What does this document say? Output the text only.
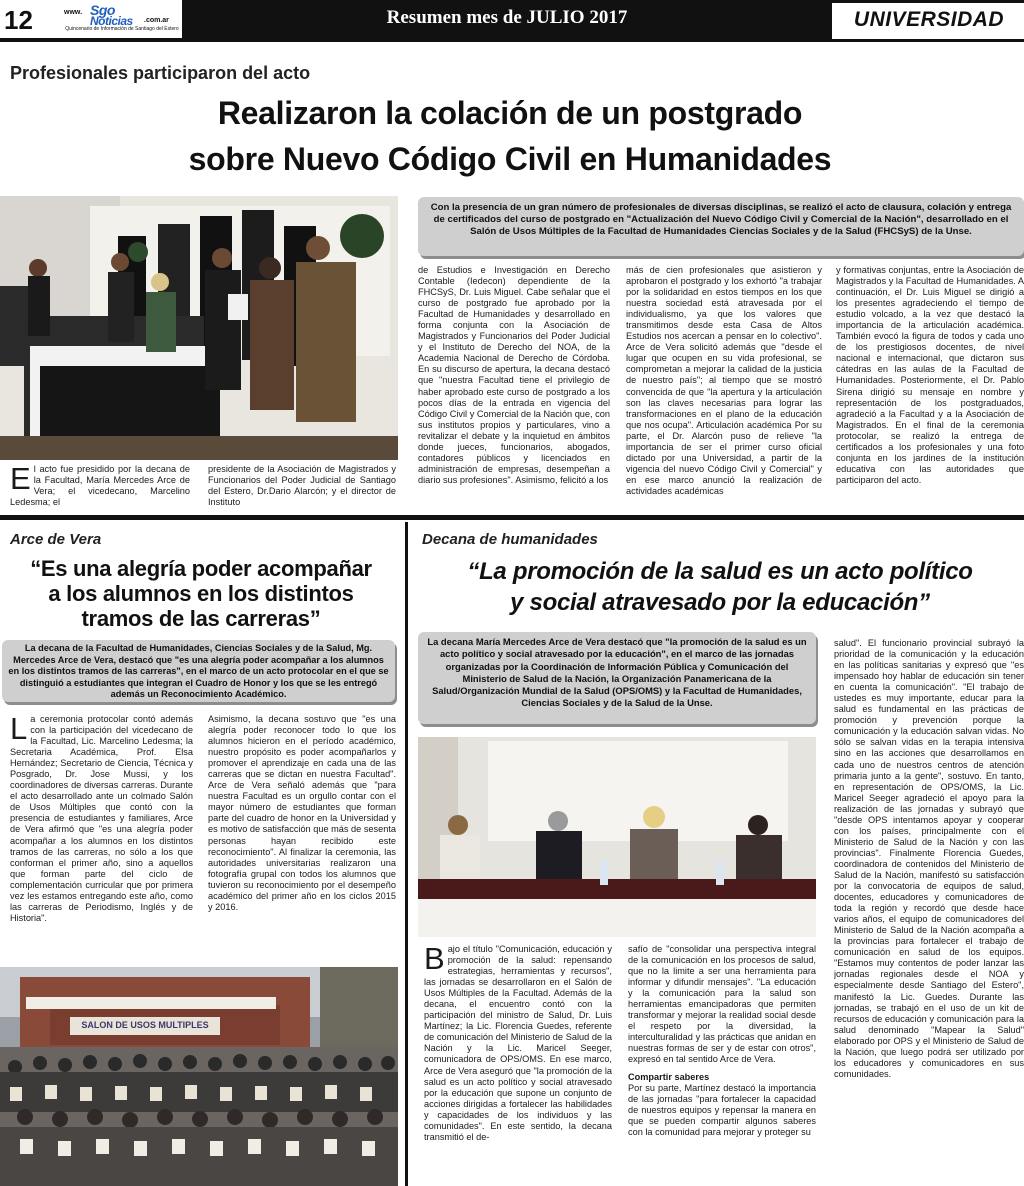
12	www. Sgo
Noticias .com.ar
Quincenario de Información de Santiago del Estero
Resumen mes de JULIO 2017	UNIVERSIDAD
Profesionales participaron del acto
Realizaron la colación de un postgrado
sobre Nuevo Código Civil en Humanidades
Con la presencia de un gran número de profesionales de diversas disciplinas, se realizó el acto de clausura, colación y entrega de certificados del curso de postgrado en "Actualización del Nuevo Código Civil y Comercial de la Nación", desarrollado en el Salón de Usos Múltiples de la Facultad de Humanidades Ciencias Sociales y de la Salud (FHCSyS) de la Unse.
de Estudios e Investigación en Derecho Contable (Iedecon) dependiente de la FHCSyS, Dr. Luis Miguel. Cabe señalar que el curso de postgrado fue aprobado por la Facultad de Humanidades y desarrollado en forma conjunta con la Asociación de Magistrados y Funcionarios del Poder Judicial y el Instituto de Derecho del NOA, de la Academia Nacional de Derecho de Córdoba. En su discurso de apertura, la decana destacó que "nuestra Facultad tiene el privilegio de haber aprobado este curso de postgrado a los pocos días de la entrada en vigencia del Código Civil y Comercial de la Nación que, con sus institutos propios y particulares, vino a revitalizar el debate y la inquietud en ámbitos donde jueces, funcionarios, abogados, contadores públicos y licenciados en administración de empresas, desempeñan a diario sus profesiones". Asimismo, felicitó a los
más de cien profesionales que asistieron y aprobaron el postgrado y los exhortó "a trabajar por la solidaridad en estos tiempos en los que nuestra sociedad está atravesada por el individualismo, ya que los valores que transmitimos desde esta Casa de Altos Estudios nos acercan a pensar en lo colectivo". Arce de Vera solicitó además que "desde el lugar que ocupen en su vida profesional, se comprometan a mejorar la calidad de la justicia de nuestro país"; al tiempo que se mostró convencida de que "la apertura y la articulación son las claves necesarias para lograr las transformaciones en el plano de la educación que nos ocupa". Articulación académica Por su parte, el Dr. Alarcón puso de relieve "la importancia de ser el primer curso oficial dictado por una Universidad, a partir de la vigencia del nuevo Código Civil y Comercial" y en ese marco anunció la realización de actividades académicas
y formativas conjuntas, entre la Asociación de Magistrados y la Facultad de Humanidades. A continuación, el Dr. Luis Miguel se dirigió a los presentes agradeciendo el tiempo de estudio volcado, a la vez que destacó la importancia de la articulación académica. También evocó la figura de todos y cada uno de los prestigiosos docentes, de nivel nacional e internacional, que dictaron sus cátedras en las aulas de la Facultad de Humanidades. Posteriormente, el Dr. Pablo Sirena dirigió su mensaje en nombre y representación de los postgraduados, agradeció a la Facultad y a la Asociación de Magistrados. En el final de la ceremonia protocolar, se realizó la entrega de certificados a los profesionales y una foto conjunta en los jardines de la institución educativa con las autoridades que participaron del acto.
E l acto fue presidido por la decana de la Facultad, María Mercedes Arce de Vera; el vicedecano, Marcelino Ledesma; el
presidente de la Asociación de Magistrados y Funcionarios del Poder Judicial de Santiago del Estero, Dr.Dario Alarcón; y el director de Instituto
Arce de Vera
“Es una alegría poder acompañar
a los alumnos en los distintos
tramos de las carreras”
La decana de la Facultad de Humanidades, Ciencias Sociales y de la Salud, Mg. Mercedes Arce de Vera, destacó que "es una alegría poder acompañar a los alumnos en los distintos tramos de las carreras", en el marco de un acto protocolar en el que se distinguió a estudiantes que integran el Cuadro de Honor y los que se les entregó además un Reconocimiento Académico.
L a ceremonia protocolar contó además con la participación del vicedecano de la Facultad, Lic. Marcelino Ledesma; la Secretaria Académica, Prof. Elsa Hernández; Secretario de Ciencia, Técnica y Posgrado, Dr. Jose Mussi, y los coordinadores de diversas carreras. Durante el acto desarrollado ante un colmado Salón de Usos Múltiples que contó con la presencia de estudiantes y familiares, Arce de Vera afirmó que "es una alegría poder acompañar a los alumnos en los distintos tramos de las carreras, no sólo a los que conforman el primer año, sino a aquellos que forman parte del ciclo de complementación curricular que por primera vez les estamos entregando este año, como las carreras de Periodismo, Inglés y de Historia".
Asimismo, la decana sostuvo que "es una alegría poder reconocer todo lo que los alumnos hicieron en el período académico, nuestro propósito es poder acompañarlos y promover el aprendizaje en cada una de las carreras que se dictan en nuestra Facultad". Arce de Vera señaló además que "para nuestra Facultad es un orgullo contar con el mayor número de estudiantes que forman parte del cuadro de honor en la Universidad y es motivo de satisfacción que más de sesenta personas hayan recibido este reconocimiento". Al finalizar la ceremonia, las autoridades universitarias realizaron una fotografía grupal con todos los alumnos que tuvieron su reconocimiento por el desempeño académico del primer año en los ciclos 2015 y 2016.
SALON DE USOS MULTIPLES
Decana de humanidades
“La promoción de la salud es un acto político
y social atravesado por la educación”
La decana María Mercedes Arce de Vera destacó que "la promoción de la salud es un acto político y social atravesado por la educación", en el marco de las jornadas organizadas por la Coordinación de Información Pública y Comunicación del Ministerio de Salud de la Nación, la Organización Panamericana de la Salud/Organización Mundial de la Salud (OPS/OMS) y la Facultad de Humanidades, Ciencias Sociales y de la Salud de la Unse.
B ajo el título "Comunicación, educación y promoción de la salud: repensando estrategias, herramientas y recursos", las jornadas se desarrollaron en el Salón de Usos Múltiples de la Facultad. Además de la decana, el encuentro contó con la participación del ministro de Salud, Dr. Luis Martínez; la Lic. Florencia Guedes, referente de comunicación del Ministerio de Salud de la Nación y la Lic. Maricel Seeger, comunicadora de OPS/OMS. En ese marco, Arce de Vera aseguró que "la promoción de la salud es un acto político y social atravesado por la educación que supone un conjunto de acciones dirigidas a fortalecer las habilidades y capacidades de los individuos y las comunidades". En este sentido, la decana transmitió el de-

safío de "consolidar una perspectiva integral de la comunicación en los procesos de salud, que no la limite a ser una herramienta para informar y difundir mensajes". "La educación y la comunicación para la salud son herramientas emancipadoras que permiten transformar y mejorar la realidad social desde el respeto por la diversidad, la interculturalidad y las prácticas que anidan en nuestras formas de ser y de estar con otros", expresó en tal sentido Arce de Vera.

Compartir saberes

Por su parte, Martínez destacó la importancia de las jornadas "para fortalecer la capacidad de nuestros equipos y repensar la manera en que se pueden compartir algunos saberes con la comunidad para mejorar y proteger su

salud". El funcionario provincial subrayó la prioridad de la comunicación y la educación en las políticas sanitarias y expresó que "es impensado hoy hablar de educación sin tener en cuenta la comunicación". "El trabajo de ustedes es muy importante, educar para la salud es fundamental en las prácticas de promoción y prevención porque la comunicación y la educación salvan vidas. No sólo se salvan vidas en la terapia intensiva sino en las acciones que desarrollamos en cada uno de nuestros centros de atención primaria junto a la gente", sostuvo. En tanto, en representación de OPS/OMS, la Lic. Maricel Seeger agradeció el apoyo para la realización de las jornadas y subrayó que "desde OPS intentamos apoyar y cooperar con los países, principalmente con el Ministerio de Salud de la Nación y con las provincias". Finalmente Florencia Guedes, coordinadora de contenidos del Ministerio de Salud de la Nación, manifestó su satisfacción por la convocatoria de equipos de salud, docentes, educadores y comunicadores de toda la región y recordó que desde hace varios años, el equipo de comunicadores del Ministerio de Salud de la Nación acompaña a la provincias para fortalecer el trabajo de comunicación en salud de los equipos. "Estamos muy contentos de poder lanzar las jornadas regionales desde el NOA y especialmente desde Santiago del Estero", manifestó la Lic. Guedes. Durante las jornadas, se trabajó en el uso de un kit de recursos de educación y comunicación para la salud denominado "Mapear la Salud" elaborado por OPS y el Ministerio de Salud de la Nación, que luego podrá ser utilizado por los educadores y comunicadores en sus comunidades.
